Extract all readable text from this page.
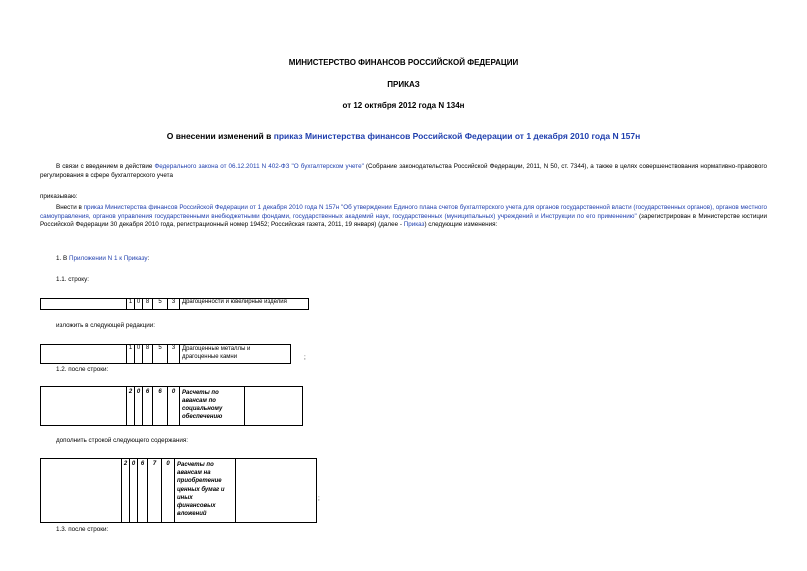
МИНИСТЕРСТВО ФИНАНСОВ РОССИЙСКОЙ ФЕДЕРАЦИИ
ПРИКАЗ
от 12 октября 2012 года N 134н
О внесении изменений в приказ Министерства финансов Российской Федерации от 1 декабря 2010 года N 157н
В связи с введением в действие Федерального закона от 06.12.2011 N 402-ФЗ "О бухгалтерском учете" (Собрание законодательства Российской Федерации, 2011, N 50, ст. 7344), а также в целях совершенствования нормативно-правового регулирования в сфере бухгалтерского учета
приказываю:
Внести в приказ Министерства финансов Российской Федерации от 1 декабря 2010 года N 157н "Об утверждении Единого плана счетов бухгалтерского учета для органов государственной власти (государственных органов), органов местного самоуправления, органов управления государственными внебюджетными фондами, государственных академий наук, государственных (муниципальных) учреждений и Инструкции по его применению" (зарегистрирован в Министерстве юстиции Российской Федерации 30 декабря 2010 года, регистрационный номер 19452; Российская газета, 2011, 19 января) (далее - Приказ) следующие изменения:
1. В Приложении N 1 к Приказу:
1.1. строку:
	1	0	8	5	3	Драгоценности и ювелирные изделия
изложить в следующей редакции:
	1	0	8	5	3	Драгоценные металлы и драгоценные камни	;
1.2. после строки:
	2	0	6	6	0	Расчеты по авансам по социальному обеспечению	
дополнить строкой следующего содержания:
	2	0	6	7	0	Расчеты по авансам на приобретение ценных бумаг и иных финансовых вложений	
;
1.3. после строки:
